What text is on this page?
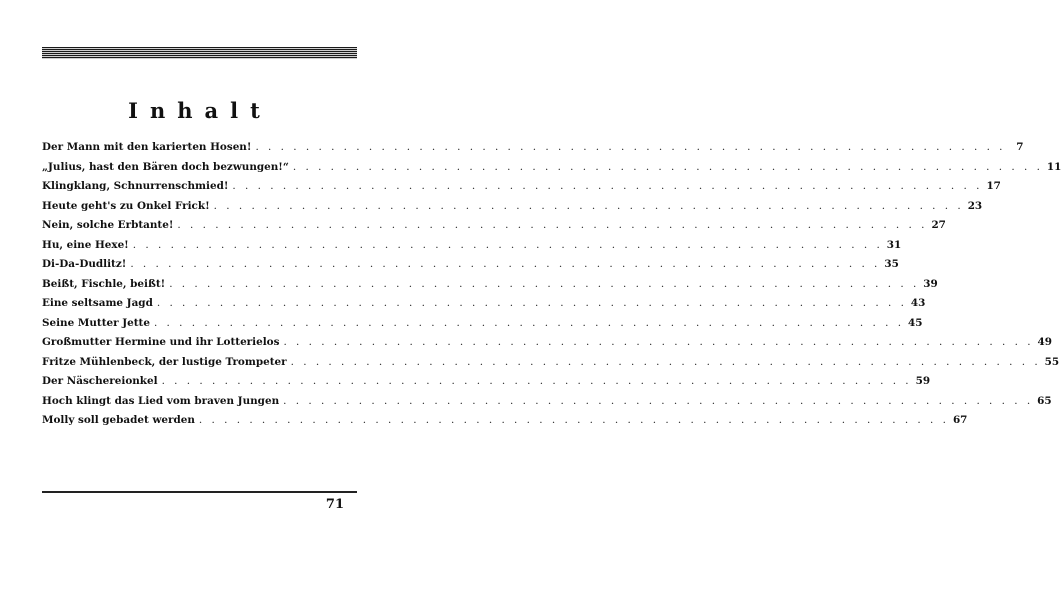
Inhalt
Der Mann mit den karierten Hosen! . . . . . . . . . . . . . . . . . . . . . . . . . . . . . . . . . . . . . . . . . . . . . . . . . . . . . . . . . . . .	7
„Julius, hast den Bären doch bezwungen!“ . . . . . . . . . . . . . . . . . . . . . . . . . . . . . . . . . . . . . . . . . . . . . . . . . . . . . . . . . . . . 11
Klingklang, Schnurrenschmied! . . . . . . . . . . . . . . . . . . . . . . . . . . . . . . . . . . . . . . . . . . . . . . . . . . . . . . . . . . . . 17
Heute geht's zu Onkel Frick! . . . . . . . . . . . . . . . . . . . . . . . . . . . . . . . . . . . . . . . . . . . . . . . . . . . . . . . . . . . . 23
Nein, solche Erbtante! . . . . . . . . . . . . . . . . . . . . . . . . . . . . . . . . . . . . . . . . . . . . . . . . . . . . . . . . . . . . 27
Hu, eine Hexe! . . . . . . . . . . . . . . . . . . . . . . . . . . . . . . . . . . . . . . . . . . . . . . . . . . . . . . . . . . . . 31
Di-Da-Dudlitz! . . . . . . . . . . . . . . . . . . . . . . . . . . . . . . . . . . . . . . . . . . . . . . . . . . . . . . . . . . . . 35
Beißt, Fischle, beißt! . . . . . . . . . . . . . . . . . . . . . . . . . . . . . . . . . . . . . . . . . . . . . . . . . . . . . . . . . . . . 39
Eine seltsame Jagd . . . . . . . . . . . . . . . . . . . . . . . . . . . . . . . . . . . . . . . . . . . . . . . . . . . . . . . . . . . . 43
Seine Mutter Jette . . . . . . . . . . . . . . . . . . . . . . . . . . . . . . . . . . . . . . . . . . . . . . . . . . . . . . . . . . . . 45
Großmutter Hermine und ihr Lotterielos . . . . . . . . . . . . . . . . . . . . . . . . . . . . . . . . . . . . . . . . . . . . . . . . . . . . . . . . . . . . 49
Fritze Mühlenbeck, der lustige Trompeter . . . . . . . . . . . . . . . . . . . . . . . . . . . . . . . . . . . . . . . . . . . . . . . . . . . . . . . . . . . . 55
Der Näschereionkel . . . . . . . . . . . . . . . . . . . . . . . . . . . . . . . . . . . . . . . . . . . . . . . . . . . . . . . . . . . . 59
Hoch klingt das Lied vom braven Jungen . . . . . . . . . . . . . . . . . . . . . . . . . . . . . . . . . . . . . . . . . . . . . . . . . . . . . . . . . . . . 65
Molly soll gebadet werden . . . . . . . . . . . . . . . . . . . . . . . . . . . . . . . . . . . . . . . . . . . . . . . . . . . . . . . . . . . . 67
71
